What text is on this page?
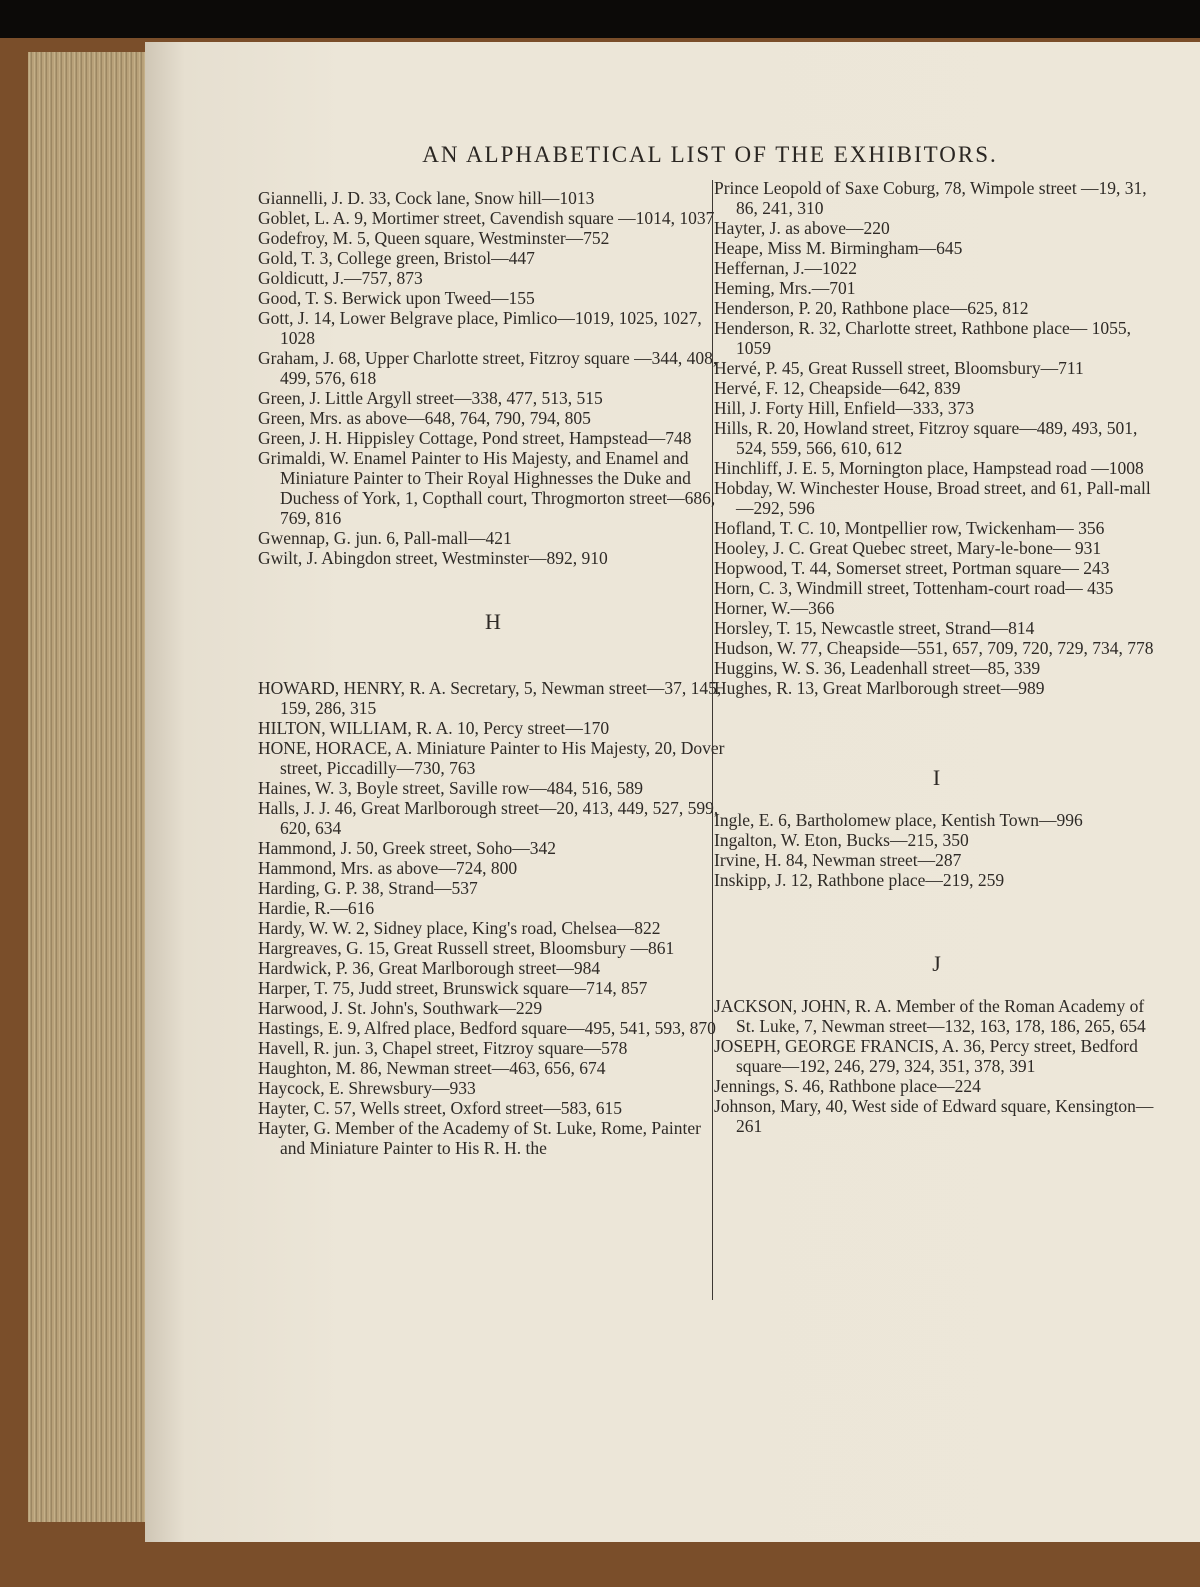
AN ALPHABETICAL LIST OF THE EXHIBITORS.

Giannelli, J. D. 33, Cock lane, Snow hill—1013

Goblet, L. A. 9, Mortimer street, Cavendish square —1014, 1037

Godefroy, M. 5, Queen square, Westminster—752

Gold, T. 3, College green, Bristol—447

Goldicutt, J.—757, 873

Good, T. S. Berwick upon Tweed—155

Gott, J. 14, Lower Belgrave place, Pimlico—1019, 1025, 1027, 1028

Graham, J. 68, Upper Charlotte street, Fitzroy square —344, 408, 499, 576, 618

Green, J. Little Argyll street—338, 477, 513, 515

Green, Mrs. as above—648, 764, 790, 794, 805

Green, J. H. Hippisley Cottage, Pond street, Hampstead—748

Grimaldi, W. Enamel Painter to His Majesty, and Enamel and Miniature Painter to Their Royal Highnesses the Duke and Duchess of York, 1, Copthall court, Throgmorton street—686, 769, 816

Gwennap, G. jun. 6, Pall-mall—421

Gwilt, J. Abingdon street, Westminster—892, 910

H

HOWARD, HENRY, R. A. Secretary, 5, Newman street—37, 145, 159, 286, 315

HILTON, WILLIAM, R. A. 10, Percy street—170

HONE, HORACE, A. Miniature Painter to His Majesty, 20, Dover street, Piccadilly—730, 763

Haines, W. 3, Boyle street, Saville row—484, 516, 589

Halls, J. J. 46, Great Marlborough street—20, 413, 449, 527, 599, 620, 634

Hammond, J. 50, Greek street, Soho—342

Hammond, Mrs. as above—724, 800

Harding, G. P. 38, Strand—537

Hardie, R.—616

Hardy, W. W. 2, Sidney place, King's road, Chelsea—822

Hargreaves, G. 15, Great Russell street, Bloomsbury —861

Hardwick, P. 36, Great Marlborough street—984

Harper, T. 75, Judd street, Brunswick square—714, 857

Harwood, J. St. John's, Southwark—229

Hastings, E. 9, Alfred place, Bedford square—495, 541, 593, 870

Havell, R. jun. 3, Chapel street, Fitzroy square—578

Haughton, M. 86, Newman street—463, 656, 674

Haycock, E. Shrewsbury—933

Hayter, C. 57, Wells street, Oxford street—583, 615

Hayter, G. Member of the Academy of St. Luke, Rome, Painter and Miniature Painter to His R. H. the

Prince Leopold of Saxe Coburg, 78, Wimpole street —19, 31, 86, 241, 310

Hayter, J. as above—220

Heape, Miss M. Birmingham—645

Heffernan, J.—1022

Heming, Mrs.—701

Henderson, P. 20, Rathbone place—625, 812

Henderson, R. 32, Charlotte street, Rathbone place— 1055, 1059

Hervé, P. 45, Great Russell street, Bloomsbury—711

Hervé, F. 12, Cheapside—642, 839

Hill, J. Forty Hill, Enfield—333, 373

Hills, R. 20, Howland street, Fitzroy square—489, 493, 501, 524, 559, 566, 610, 612

Hinchliff, J. E. 5, Mornington place, Hampstead road —1008

Hobday, W. Winchester House, Broad street, and 61, Pall-mall—292, 596

Hofland, T. C. 10, Montpellier row, Twickenham— 356

Hooley, J. C. Great Quebec street, Mary-le-bone— 931

Hopwood, T. 44, Somerset street, Portman square— 243

Horn, C. 3, Windmill street, Tottenham-court road— 435

Horner, W.—366

Horsley, T. 15, Newcastle street, Strand—814

Hudson, W. 77, Cheapside—551, 657, 709, 720, 729, 734, 778

Huggins, W. S. 36, Leadenhall street—85, 339

Hughes, R. 13, Great Marlborough street—989

I

Ingle, E. 6, Bartholomew place, Kentish Town—996

Ingalton, W. Eton, Bucks—215, 350

Irvine, H. 84, Newman street—287

Inskipp, J. 12, Rathbone place—219, 259

J

JACKSON, JOHN, R. A. Member of the Roman Academy of St. Luke, 7, Newman street—132, 163, 178, 186, 265, 654

JOSEPH, GEORGE FRANCIS, A. 36, Percy street, Bedford square—192, 246, 279, 324, 351, 378, 391

Jennings, S. 46, Rathbone place—224

Johnson, Mary, 40, West side of Edward square, Kensington—261
